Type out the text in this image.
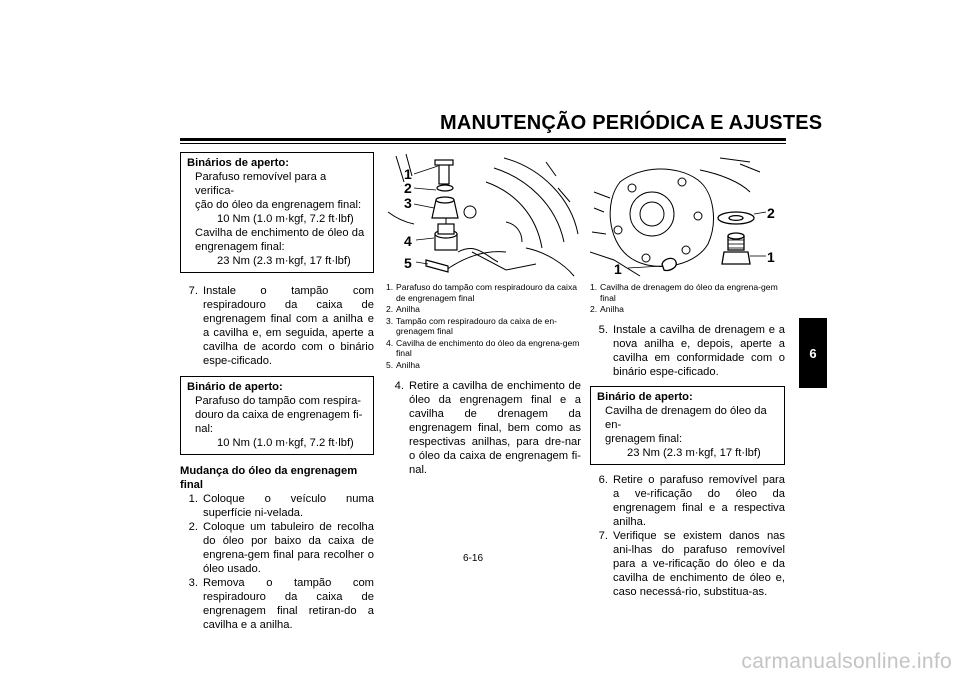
MANUTENÇÃO PERIÓDICA E AJUSTES
6
Binários de aperto:
Parafuso removível para a verifica-
ção do óleo da engrenagem final:
10 Nm (1.0 m·kgf, 7.2 ft·lbf)
Cavilha de enchimento de óleo da
engrenagem final:
23 Nm (2.3 m·kgf, 17 ft·lbf)
7. Instale o tampão com respiradouro da caixa de engrenagem final com a anilha e a cavilha e, em seguida, aperte a cavilha de acordo com o binário espe-cificado.
Binário de aperto:
Parafuso do tampão com respira-
douro da caixa de engrenagem fi-
nal:
10 Nm (1.0 m·kgf, 7.2 ft·lbf)
Mudança do óleo da engrenagem final
1. Coloque o veículo numa superfície ni-velada.
2. Coloque um tabuleiro de recolha do óleo por baixo da caixa de engrena-gem final para recolher o óleo usado.
3. Remova o tampão com respiradouro da caixa de engrenagem final retiran-do a cavilha e a anilha.
1
2
3
4
5
1. Parafuso do tampão com respiradouro da caixa de engrenagem final
2. Anilha
3. Tampão com respiradouro da caixa de en-grenagem final
4. Cavilha de enchimento do óleo da engrena-gem final
5. Anilha
4. Retire a cavilha de enchimento de óleo da engrenagem final e a cavilha de drenagem da engrenagem final, bem como as respectivas anilhas, para dre-nar o óleo da caixa de engrenagem fi-nal.
2
1
1
1. Cavilha de drenagem do óleo da engrena-gem final
2. Anilha
5. Instale a cavilha de drenagem e a nova anilha e, depois, aperte a cavilha em conformidade com o binário espe-cificado.
Binário de aperto:
Cavilha de drenagem do óleo da en-
grenagem final:
23 Nm (2.3 m·kgf, 17 ft·lbf)
6. Retire o parafuso removível para a ve-rificação do óleo da engrenagem final e a respectiva anilha.
7. Verifique se existem danos nas ani-lhas do parafuso removível para a ve-rificação do óleo e da cavilha de enchimento de óleo e, caso necessá-rio, substitua-as.
6-16
carmanualsonline.info
